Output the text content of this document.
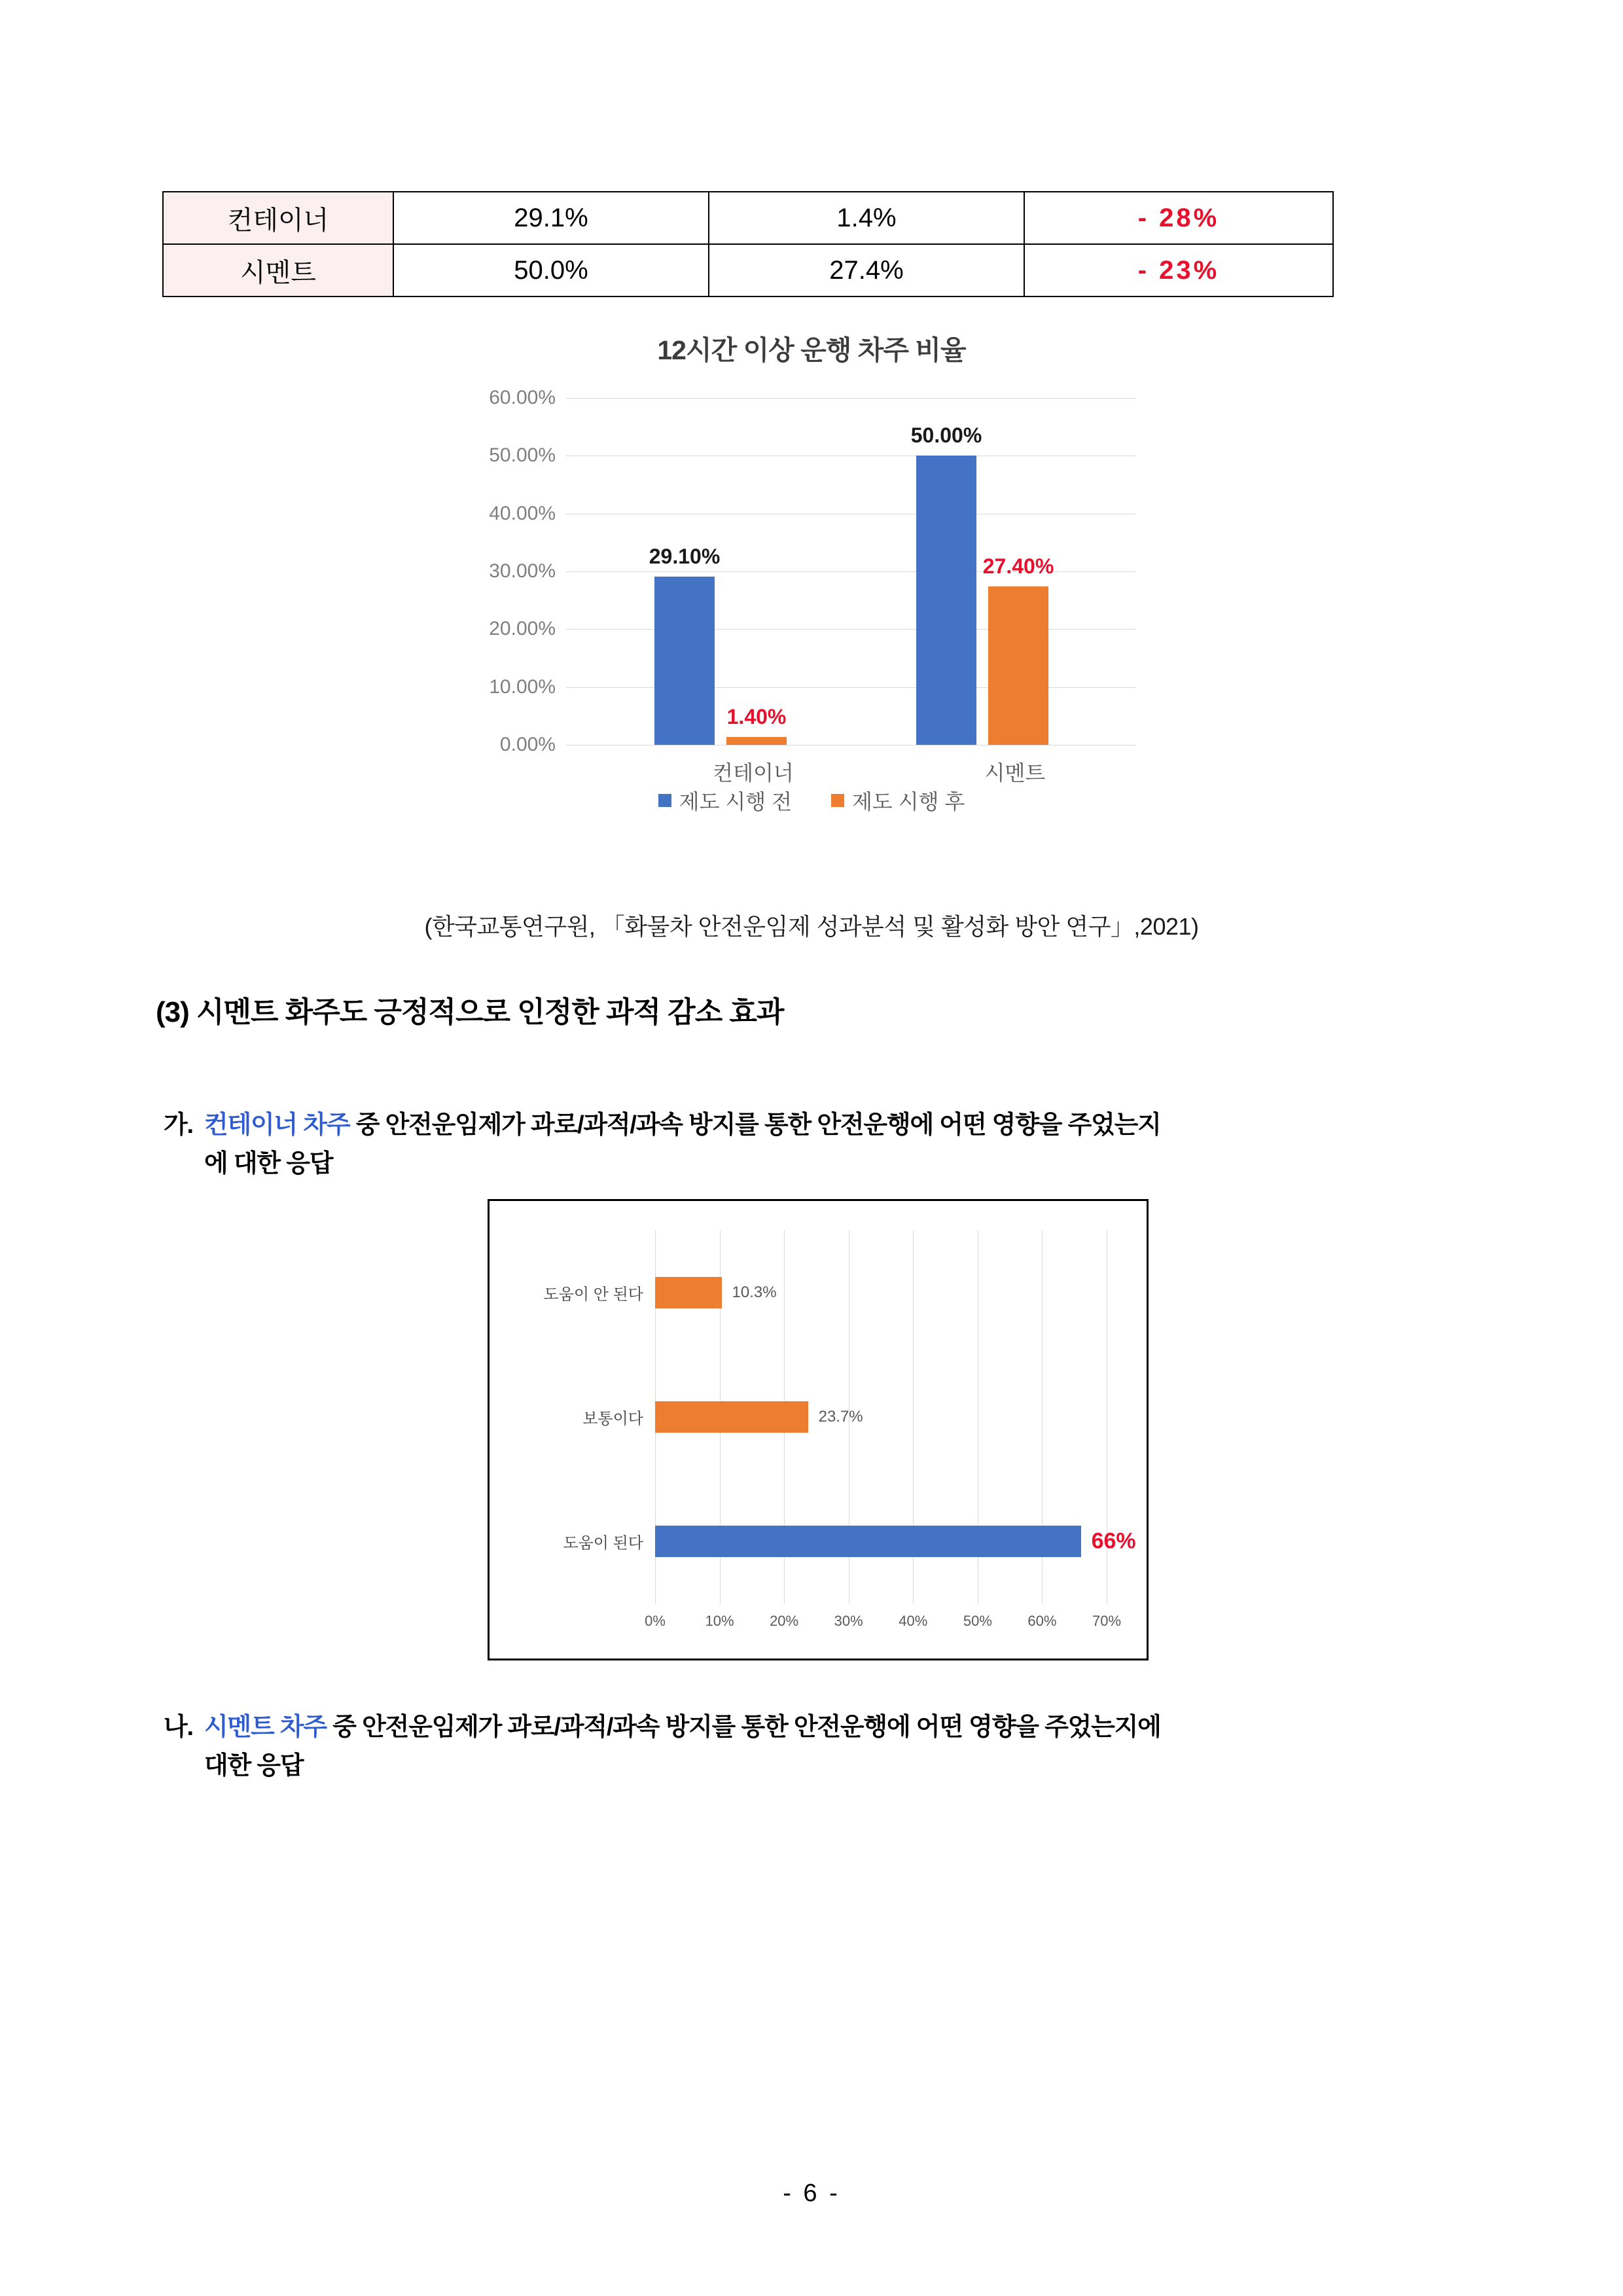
컨테이너	29.1%	1.4%	- 28%
시멘트	50.0%	27.4%	- 23%
12시간 이상 운행 차주 비율
0.00%
10.00%
20.00%
30.00%
40.00%
50.00%
60.00%
29.10%
1.40%
컨테이너
50.00%
27.40%
시멘트
제도 시행 전	제도 시행 후
(한국교통연구원, 「화물차 안전운임제 성과분석 및 활성화 방안 연구」,2021)
(3) 시멘트 화주도 긍정적으로 인정한 과적 감소 효과
가. 컨테이너 차주 중 안전운임제가 과로/과적/과속 방지를 통한 안전운행에 어떤 영향을 주었는지
에 대한 응답
0%	10% 20% 30% 40% 50% 60% 70%
도움이 안 된다	10.3%
보통이다	23.7%
도움이 된다	66%
나. 시멘트 차주 중 안전운임제가 과로/과적/과속 방지를 통한 안전운행에 어떤 영향을 주었는지에
대한 응답
- 6 -
